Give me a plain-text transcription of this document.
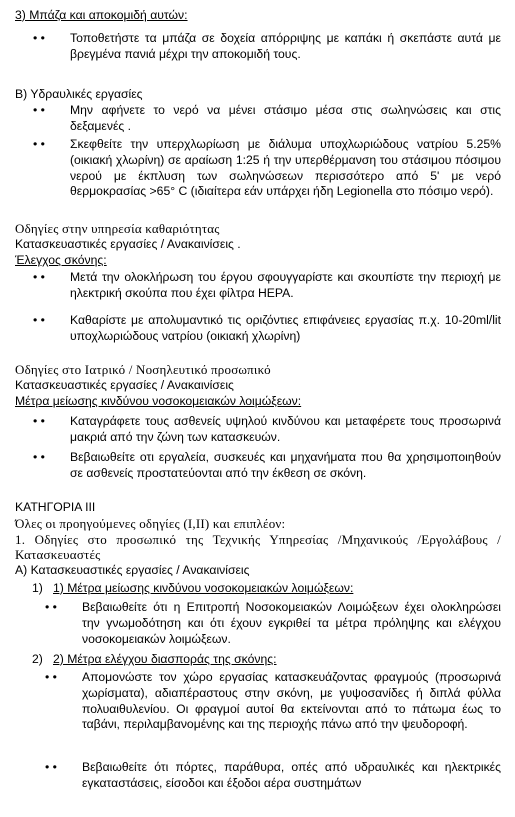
3) Μπάζα και αποκομιδή αυτών:

• • Τοποθετήστε τα μπάζα σε δοχεία απόρριψης με καπάκι ή σκεπάστε αυτά με βρεγμένα πανιά μέχρι την αποκομιδή τους.

Β) Υδραυλικές εργασίες

• • Μην αφήνετε το νερό να μένει στάσιμο μέσα στις σωληνώσεις και στις δεξαμενές .

• • Σκεφθείτε την υπερχλωρίωση με διάλυμα υποχλωριώδους νατρίου 5.25% (οικιακή χλωρίνη) σε αραίωση 1:25 ή την υπερθέρμανση του στάσιμου πόσιμου νερού με έκπλυση των σωληνώσεων περισσότερο από 5' με νερό θερμοκρασίας >65° C (ιδιαίτερα εάν υπάρχει ήδη Legionella στο πόσιμο νερό).

Οδηγίες στην υπηρεσία καθαριότητας

Κατασκευαστικές εργασίες / Ανακαινίσεις .

Έλεγχος σκόνης:

• • Μετά την ολοκλήρωση του έργου σφουγγαρίστε και σκουπίστε την περιοχή με ηλεκτρική σκούπα που έχει φίλτρα HEPA.

• • Καθαρίστε με απολυμαντικό τις οριζόντιες επιφάνειες εργασίας π.χ. 10-20ml/lit υποχλωριώδους νατρίου (οικιακή χλωρίνη)

Οδηγίες στο Ιατρικό / Νοσηλευτικό προσωπικό

Κατασκευαστικές εργασίες / Ανακαινίσεις

Μέτρα μείωσης κινδύνου νοσοκομειακών λοιμώξεων:

• • Καταγράφετε τους ασθενείς υψηλού κινδύνου και μεταφέρετε τους προσωρινά μακριά από την ζώνη των κατασκευών.

• • Βεβαιωθείτε οτι εργαλεία, συσκευές και μηχανήματα που θα χρησιμοποιηθούν σε ασθενείς προστατεύονται από την έκθεση σε σκόνη.

ΚΑΤΗΓΟΡΙΑ III

Όλες οι προηγούμενες οδηγίες (I,II) και επιπλέον:

1. Οδηγίες στο προσωπικό της Τεχνικής Υπηρεσίας /Μηχανικούς /Εργολάβους /Κατασκευαστές

Α) Κατασκευαστικές εργασίες / Ανακαινίσεις

1) 1) Μέτρα μείωσης κινδύνου νοσοκομειακών λοιμώξεων:

• • Βεβαιωθείτε ότι η Επιτροπή Νοσοκομειακών Λοιμώξεων έχει ολοκληρώσει την γνωμοδότηση και ότι έχουν εγκριθεί τα μέτρα πρόληψης και ελέγχου νοσοκομειακών λοιμώξεων.

2) 2) Μέτρα ελέγχου διασποράς της σκόνης:

• • Απομονώστε τον χώρο εργασίας κατασκευάζοντας φραγμούς (προσωρινά χωρίσματα), αδιαπέραστους στην σκόνη, με γυψοσανίδες ή διπλά φύλλα πολυαιθυλενίου. Οι φραγμοί αυτοί θα εκτείνονται από το πάτωμα έως το ταβάνι, περιλαμβανομένης και της περιοχής πάνω από την ψευδοροφή.

• • Βεβαιωθείτε ότι πόρτες, παράθυρα, οπές από υδραυλικές και ηλεκτρικές εγκαταστάσεις, είσοδοι και έξοδοι αέρα συστημάτων
